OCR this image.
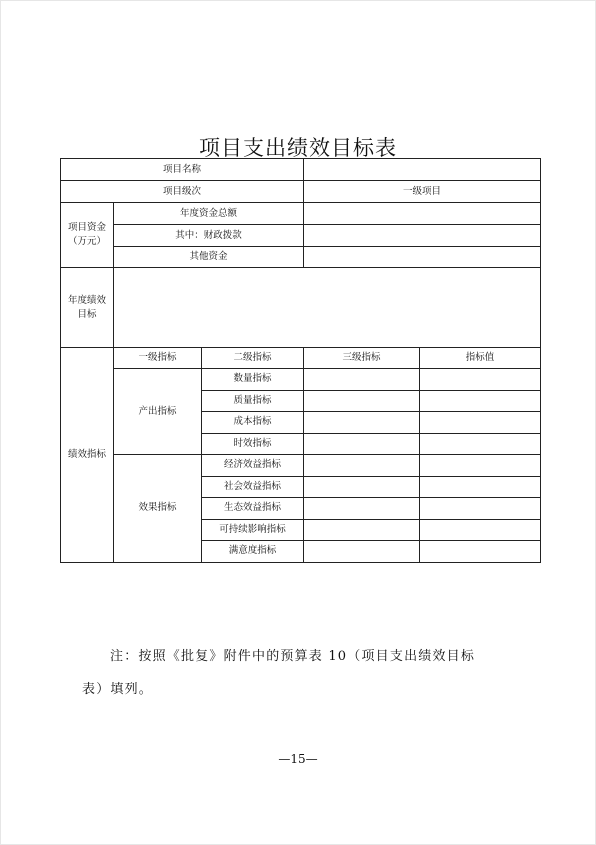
项目支出绩效目标表
项目名称				
项目级次			一级项目	
项目资金
（万元）	年度资金总额			
	其中：财政拨款			
	其他资金			
年度绩效
目标				
绩效指标	一级指标	二级指标	三级指标	指标值
	产出指标	数量指标		
		质量指标		
		成本指标		
		时效指标		
	效果指标	经济效益指标		
		社会效益指标		
		生态效益指标		
		可持续影响指标		
		满意度指标		
注：按照《批复》附件中的预算表 10（项目支出绩效目标
表）填列。
—15—
